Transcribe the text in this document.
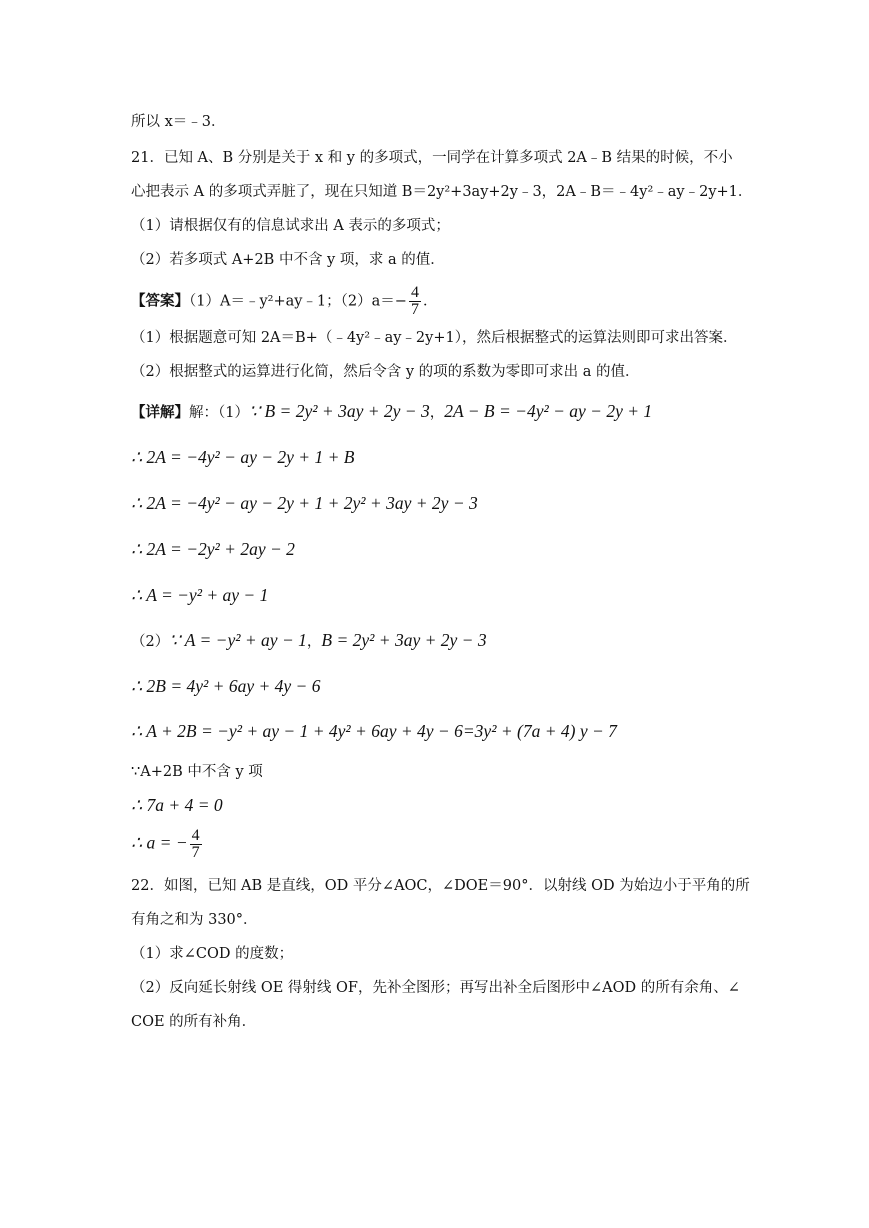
所以 x＝﹣3．
21．已知 A、B 分别是关于 x 和 y 的多项式，一同学在计算多项式 2A﹣B 结果的时候，不小
心把表示 A 的多项式弄脏了，现在只知道 B＝2y²+3ay+2y﹣3，2A﹣B＝﹣4y²﹣ay﹣2y+1．
（1）请根据仅有的信息试求出 A 表示的多项式；
（2）若多项式 A+2B 中不含 y 项，求 a 的值．
【答案】（1）A＝﹣y²+ay﹣1；$(2)a=- \frac{4}{7}$ ．
（1）根据题意可知 2A＝B+（﹣4y²﹣ay﹣2y+1），然后根据整式的运算法则即可求出答案．
（2）根据整式的运算进行化简，然后令含 y 的项的系数为零即可求出 a 的值．
【详解】解：（1）∵ B = 2y² + 3ay + 2y − 3，2A − B = −4y² − ay − 2y + 1
∴ 2A = −4y² − ay − 2y + 1 + B
∴ 2A = −4y² − ay − 2y + 1 + 2y² + 3ay + 2y − 3
∴ 2A = −2y² + 2ay − 2
∴ A = −y² + ay − 1
（2）∵ A = −y² + ay − 1，B = 2y² + 3ay + 2y − 3
∴ 2B = 4y² + 6ay + 4y − 6
∴ A + 2B = −y² + ay − 1 + 4y² + 6ay + 4y − 6=3y² + (7a + 4) y − 7
∵A+2B 中不含 y 项
∴ 7a + 4 = 0
∴ a = − $\frac{4}{7}$
22．如图，已知 AB 是直线，OD 平分∠AOC，∠DOE＝90°．以射线 OD 为始边小于平角的所
有角之和为 330°．
（1）求∠COD 的度数；
（2）反向延长射线 OE 得射线 OF，先补全图形；再写出补全后图形中∠AOD 的所有余角、∠
COE 的所有补角．
